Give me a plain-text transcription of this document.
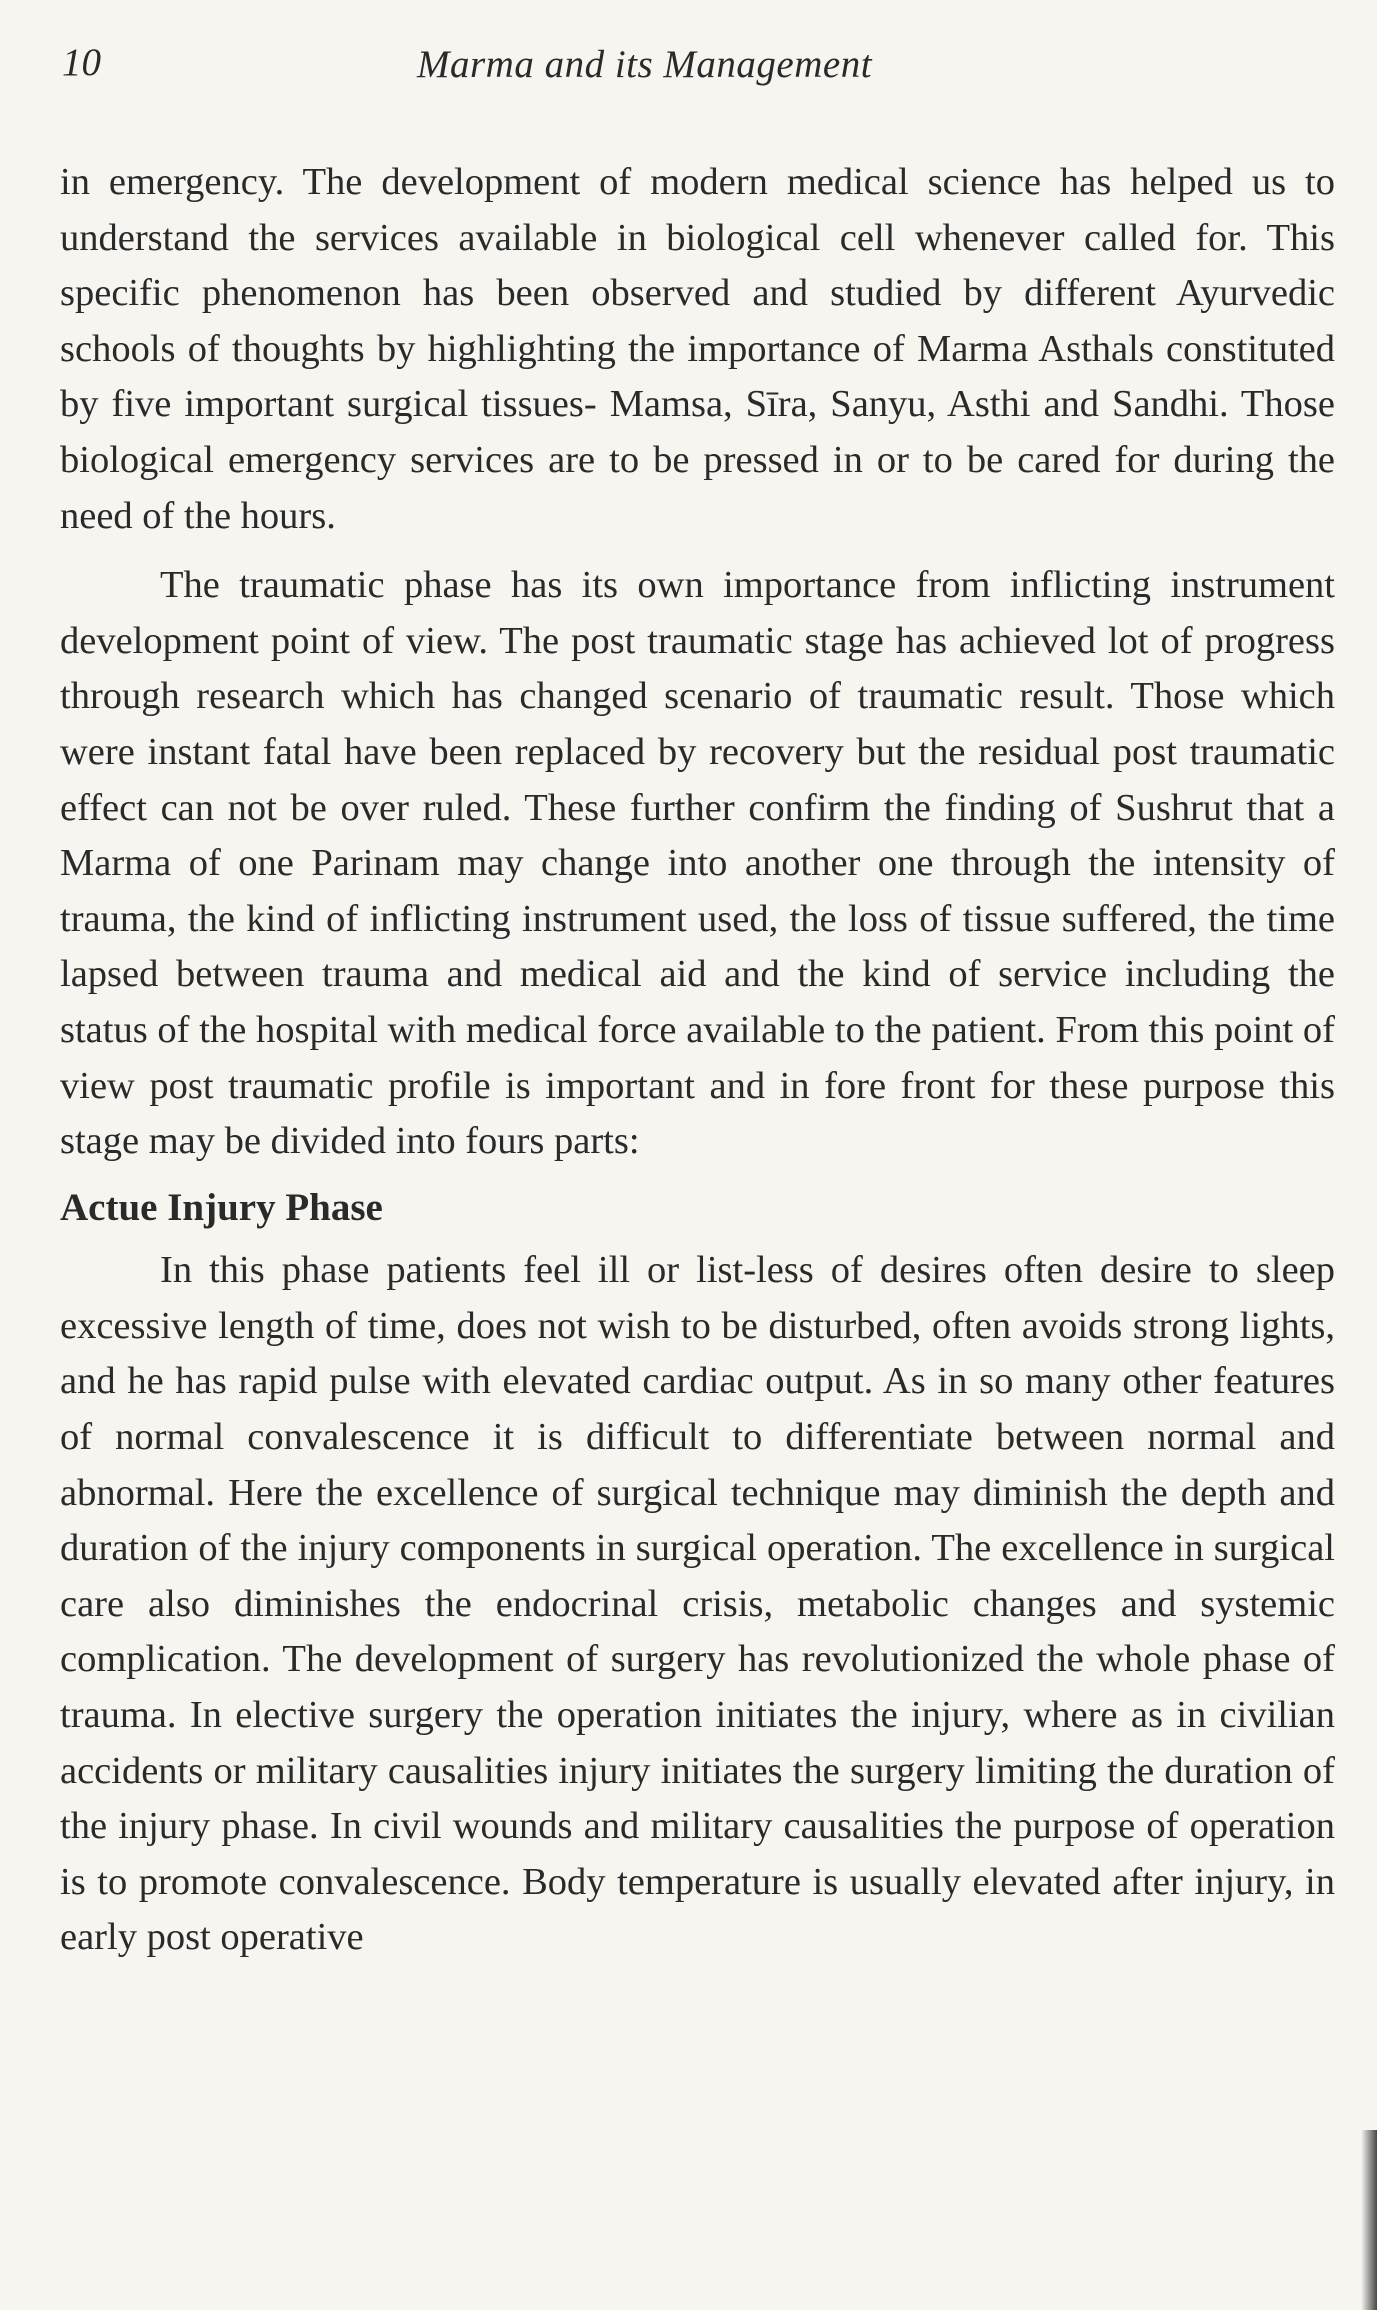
10	Marma and its Management

in emergency. The development of modern medical science has helped us to understand the services available in biological cell whenever called for. This specific phenomenon has been observed and studied by different Ayurvedic schools of thoughts by highlighting the importance of Marma Asthals constituted by five important surgical tissues- Mamsa, Sīra, Sanyu, Asthi and Sandhi. Those biological emergency services are to be pressed in or to be cared for during the need of the hours.

The traumatic phase has its own importance from inflicting instrument development point of view. The post traumatic stage has achieved lot of progress through research which has changed scenario of traumatic result. Those which were instant fatal have been replaced by recovery but the residual post traumatic effect can not be over ruled. These further confirm the finding of Sushrut that a Marma of one Parinam may change into another one through the intensity of trauma, the kind of inflicting instrument used, the loss of tissue suffered, the time lapsed between trauma and medical aid and the kind of service including the status of the hospital with medical force available to the patient. From this point of view post traumatic profile is important and in fore front for these purpose this stage may be divided into fours parts:

Actue Injury Phase

In this phase patients feel ill or list-less of desires often desire to sleep excessive length of time, does not wish to be disturbed, often avoids strong lights, and he has rapid pulse with elevated cardiac output. As in so many other features of normal convalescence it is difficult to differentiate between normal and abnormal. Here the excellence of surgical technique may diminish the depth and duration of the injury components in surgical operation. The excellence in surgical care also diminishes the endocrinal crisis, metabolic changes and systemic complication. The development of surgery has revolutionized the whole phase of trauma. In elective surgery the operation initiates the injury, where as in civilian accidents or military causalities injury initiates the surgery limiting the duration of the injury phase. In civil wounds and military causalities the purpose of operation is to promote convalescence. Body temperature is usually elevated after injury, in early post operative
